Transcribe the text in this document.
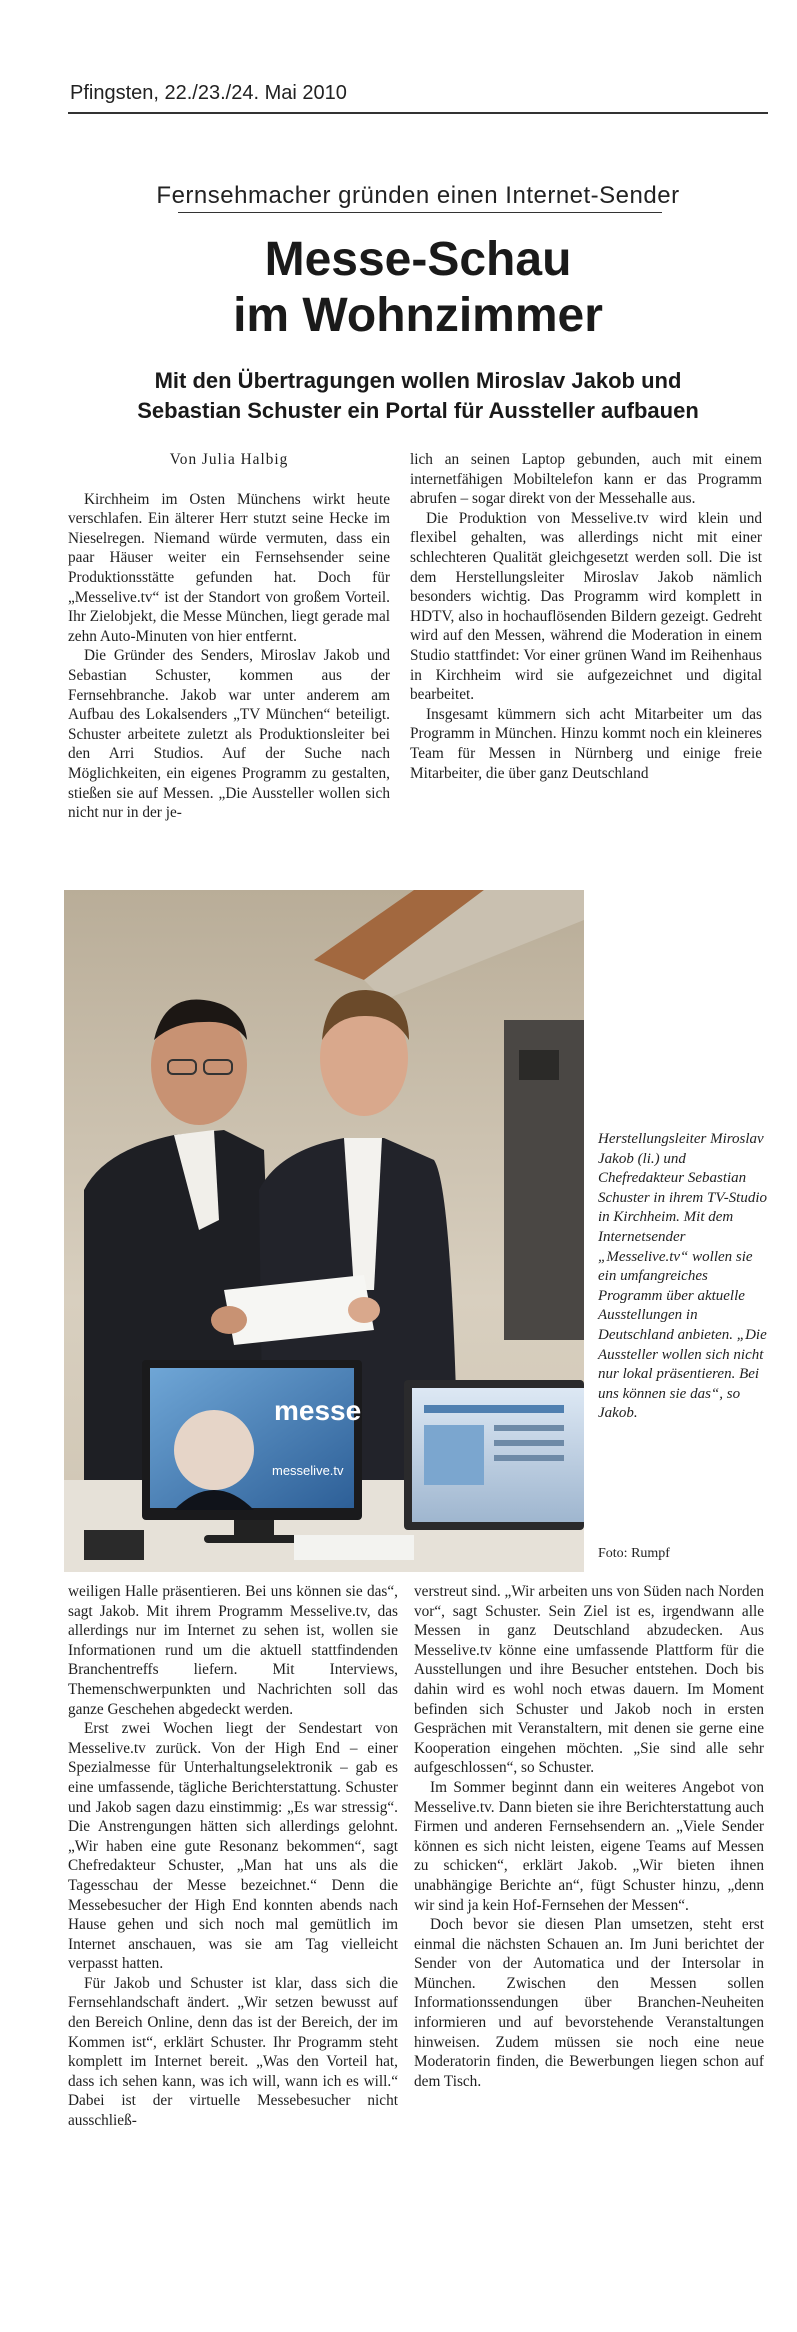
Pfingsten, 22./23./24. Mai 2010
Fernsehmacher gründen einen Internet-Sender
Messe-Schau
im Wohnzimmer
Mit den Übertragungen wollen Miroslav Jakob und
Sebastian Schuster ein Portal für Aussteller aufbauen

Von Julia Halbig

Kirchheim im Osten Münchens wirkt heute verschlafen. Ein älterer Herr stutzt seine Hecke im Nieselregen. Niemand würde vermuten, dass ein paar Häuser weiter ein Fernsehsender seine Produktionsstätte gefunden hat. Doch für „Messelive.tv“ ist der Standort von großem Vorteil. Ihr Zielobjekt, die Messe München, liegt gerade mal zehn Auto-Minuten von hier entfernt.

Die Gründer des Senders, Miroslav Jakob und Sebastian Schuster, kommen aus der Fernsehbranche. Jakob war unter anderem am Aufbau des Lokalsenders „TV München“ beteiligt. Schuster arbeitete zuletzt als Produktionsleiter bei den Arri Studios. Auf der Suche nach Möglichkeiten, ein eigenes Programm zu gestalten, stießen sie auf Messen. „Die Aussteller wollen sich nicht nur in der je-

lich an seinen Laptop gebunden, auch mit einem internetfähigen Mobiltelefon kann er das Programm abrufen – sogar direkt von der Messehalle aus.

Die Produktion von Messelive.tv wird klein und flexibel gehalten, was allerdings nicht mit einer schlechteren Qualität gleichgesetzt werden soll. Die ist dem Herstellungsleiter Miroslav Jakob nämlich besonders wichtig. Das Programm wird komplett in HDTV, also in hochauflösenden Bildern gezeigt. Gedreht wird auf den Messen, während die Moderation in einem Studio stattfindet: Vor einer grünen Wand im Reihenhaus in Kirchheim wird sie aufgezeichnet und digital bearbeitet.

Insgesamt kümmern sich acht Mitarbeiter um das Programm in München. Hinzu kommt noch ein kleineres Team für Messen in Nürnberg und einige freie Mitarbeiter, die über ganz Deutschland

messe
messelive.tv
Herstellungsleiter Miroslav Jakob (li.) und Chefredakteur Sebastian Schuster in ihrem TV-Studio in Kirchheim. Mit dem Internetsender „Messelive.tv“ wollen sie ein umfangreiches Programm über aktuelle Ausstellungen in Deutschland anbieten. „Die Aussteller wollen sich nicht nur lokal präsentieren. Bei uns können sie das“, so Jakob.
Foto: Rumpf

weiligen Halle präsentieren. Bei uns können sie das“, sagt Jakob. Mit ihrem Programm Messelive.tv, das allerdings nur im Internet zu sehen ist, wollen sie Informationen rund um die aktuell stattfindenden Branchentreffs liefern. Mit Interviews, Themenschwerpunkten und Nachrichten soll das ganze Geschehen abgedeckt werden.

Erst zwei Wochen liegt der Sendestart von Messelive.tv zurück. Von der High End – einer Spezialmesse für Unterhaltungselektronik – gab es eine umfassende, tägliche Berichterstattung. Schuster und Jakob sagen dazu einstimmig: „Es war stressig“. Die Anstrengungen hätten sich allerdings gelohnt. „Wir haben eine gute Resonanz bekommen“, sagt Chefredakteur Schuster, „Man hat uns als die Tagesschau der Messe bezeichnet.“ Denn die Messebesucher der High End konnten abends nach Hause gehen und sich noch mal gemütlich im Internet anschauen, was sie am Tag vielleicht verpasst hatten.

Für Jakob und Schuster ist klar, dass sich die Fernsehlandschaft ändert. „Wir setzen bewusst auf den Bereich Online, denn das ist der Bereich, der im Kommen ist“, erklärt Schuster. Ihr Programm steht komplett im Internet bereit. „Was den Vorteil hat, dass ich sehen kann, was ich will, wann ich es will.“ Dabei ist der virtuelle Messebesucher nicht ausschließ-

verstreut sind. „Wir arbeiten uns von Süden nach Norden vor“, sagt Schuster. Sein Ziel ist es, irgendwann alle Messen in ganz Deutschland abzudecken. Aus Messelive.tv könne eine umfassende Plattform für die Ausstellungen und ihre Besucher entstehen. Doch bis dahin wird es wohl noch etwas dauern. Im Moment befinden sich Schuster und Jakob noch in ersten Gesprächen mit Veranstaltern, mit denen sie gerne eine Kooperation eingehen möchten. „Sie sind alle sehr aufgeschlossen“, so Schuster.

Im Sommer beginnt dann ein weiteres Angebot von Messelive.tv. Dann bieten sie ihre Berichterstattung auch Firmen und anderen Fernsehsendern an. „Viele Sender können es sich nicht leisten, eigene Teams auf Messen zu schicken“, erklärt Jakob. „Wir bieten ihnen unabhängige Berichte an“, fügt Schuster hinzu, „denn wir sind ja kein Hof-Fernsehen der Messen“.

Doch bevor sie diesen Plan umsetzen, steht erst einmal die nächsten Schauen an. Im Juni berichtet der Sender von der Automatica und der Intersolar in München. Zwischen den Messen sollen Informationssendungen über Branchen-Neuheiten informieren und auf bevorstehende Veranstaltungen hinweisen. Zudem müssen sie noch eine neue Moderatorin finden, die Bewerbungen liegen schon auf dem Tisch.
